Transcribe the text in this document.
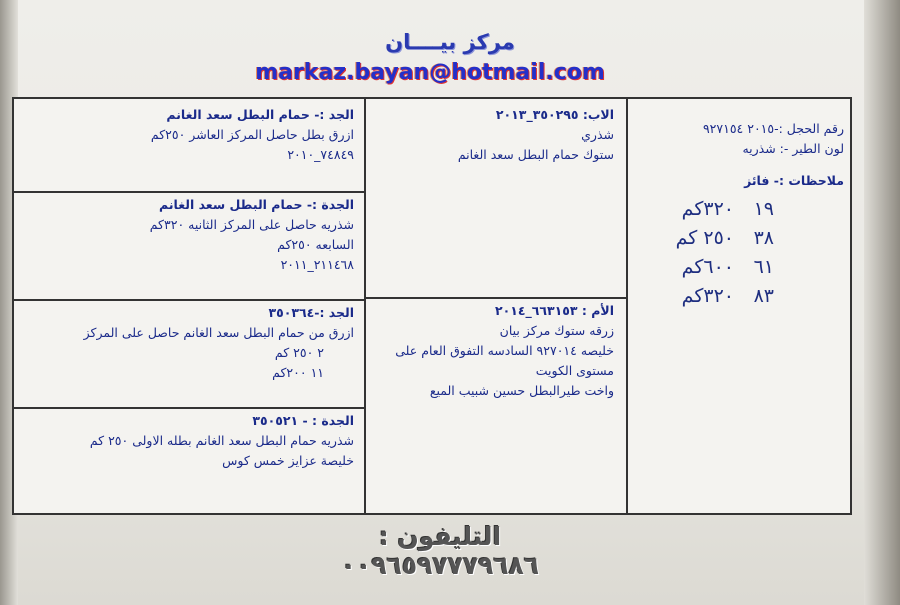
مركز بيــــان
markaz.bayan@hotmail.com
رقم الحجل :-٢٠١٥ ٩٢٧١٥٤
لون الطير -: شذريه
ملاحظات :- فائز
١٩
٣٢٠كم
٣٨
٢٥٠ كم
٦١
٦٠٠كم
٨٣
٣٢٠كم
الاب: ٣٥٠٢٩٥_٢٠١٣
شذري
ستوك حمام البطل سعد الغانم
الأم : ٦٦٣١٥٣_٢٠١٤
زرقه ستوك مركز بيان
خليصه ٩٢٧٠١٤ السادسه التفوق العام على
مستوى الكويت
واخت طيرالبطل حسين شبيب الميع
الجد :- حمام البطل سعد الغانم
ازرق بطل حاصل المركز العاشر ٢٥٠كم
٧٤٨٤٩_٢٠١٠
الجدة :- حمام البطل سعد الغانم
شذريه حاصل على المركز الثانيه ٣٢٠كم
السابعه ٢٥٠كم
٢١١٤٦٨_٢٠١١
الجد :-٣٥٠٣٦٤
ازرق من حمام البطل سعد الغانم حاصل على المركز
٢ ٢٥٠ كم
١١ ٢٠٠كم
الجدة : - ٣٥٠٥٢١
شذريه حمام البطل سعد الغانم بطله الاولى ٢٥٠ كم
خليصة عزايز خمس كوس
التليفون : ٠٠٩٦٥٩٧٧٧٩٦٨٦
